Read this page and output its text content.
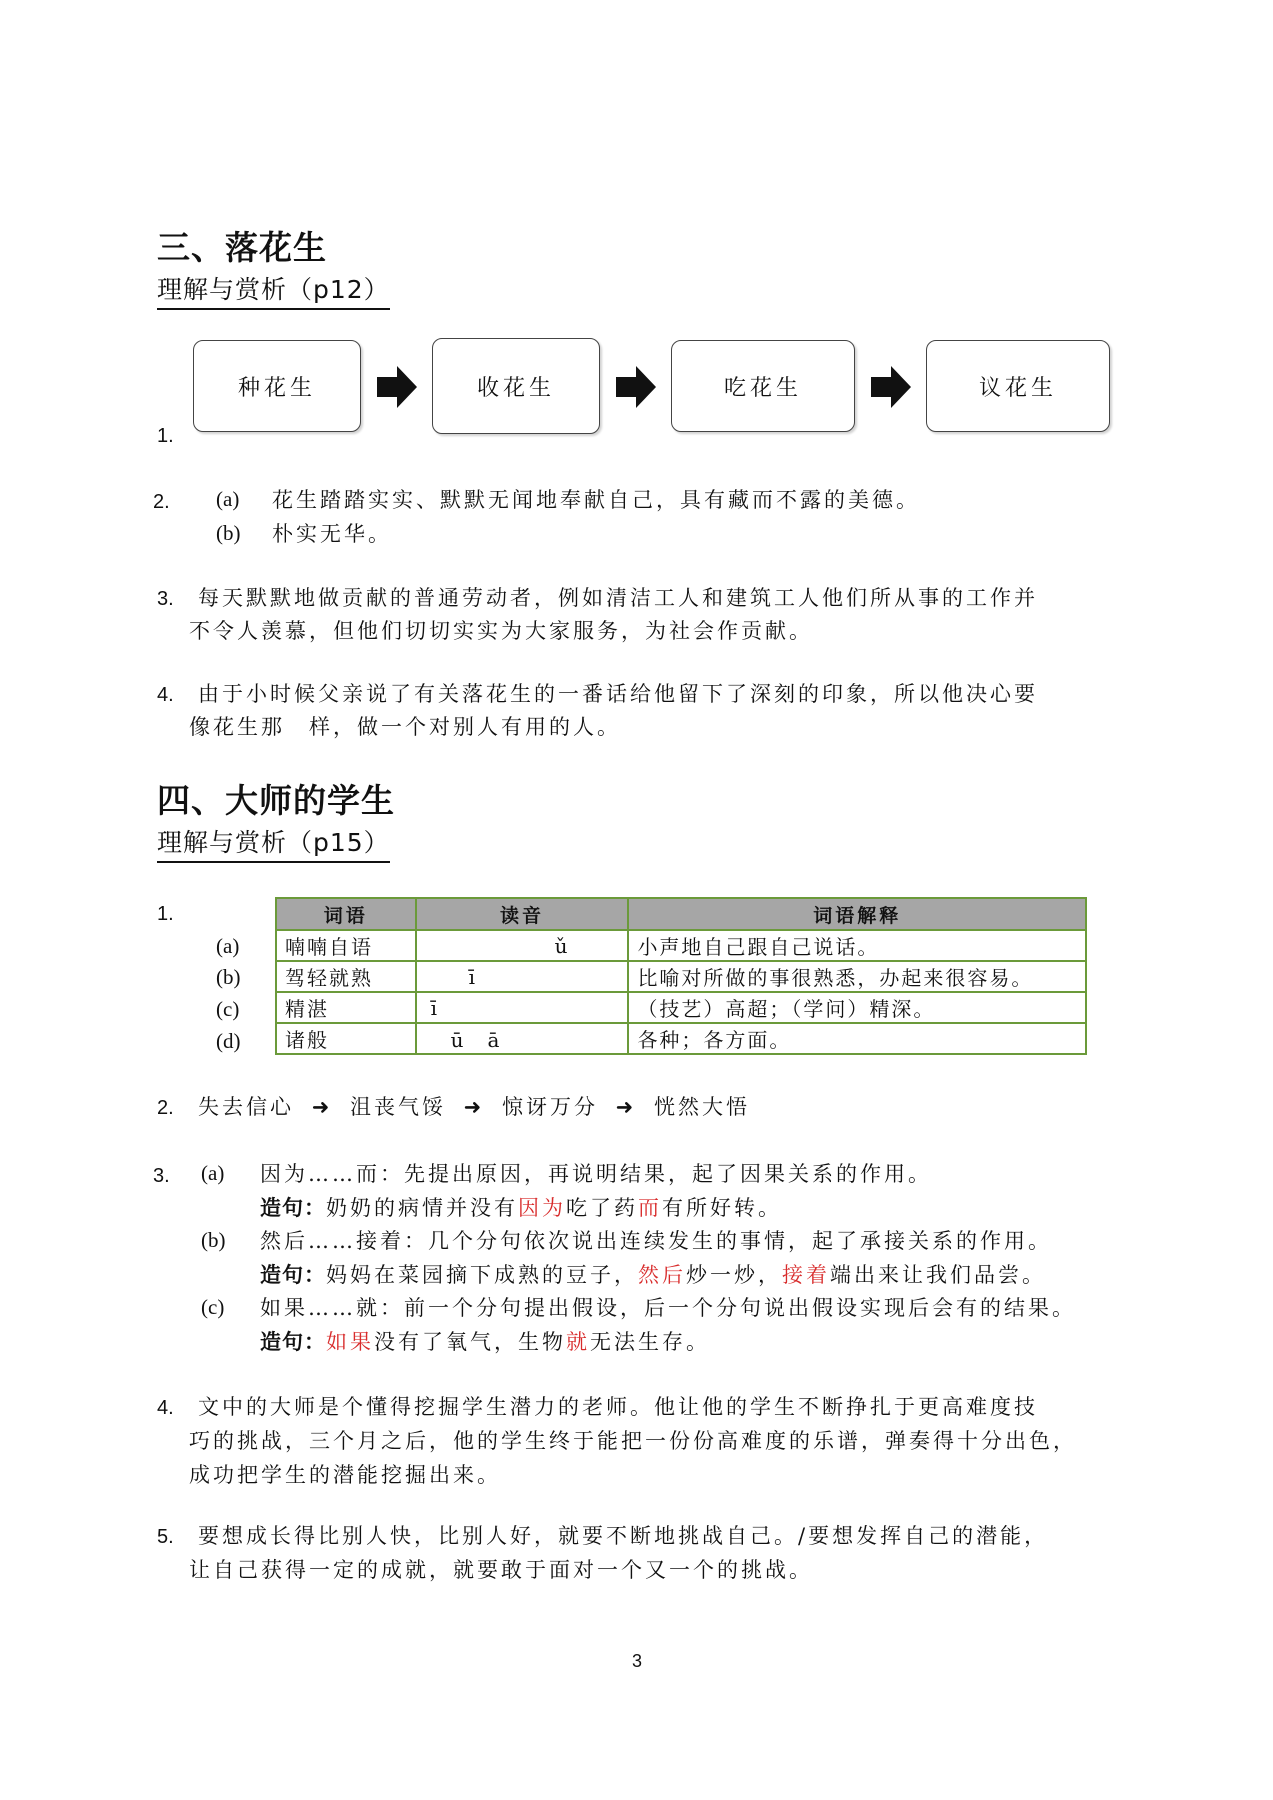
三、落花生
理解与赏析（p12）
1.
种花生	收花生	吃花生	议花生
2. (a) 花生踏踏实实、默默无闻地奉献自己，具有藏而不露的美德。
(b) 朴实无华。
3. 每天默默地做贡献的普通劳动者，例如清洁工人和建筑工人他们所从事的工作并
不令人羡慕，但他们切切实实为大家服务，为社会作贡献。
4. 由于小时候父亲说了有关落花生的一番话给他留下了深刻的印象，所以他决心要
像花生那　样，做一个对别人有用的人。
四、大师的学生
理解与赏析（p15）
1.
(a)
(b)
(c)
(d)
词语	读音	词语解释
喃喃自语	ǔ	小声地自己跟自己说话。
驾轻就熟	ī	比喻对所做的事很熟悉，办起来很容易。
精湛	ī	（技艺）高超；（学问）精深。
诸般	ū　ā	各种；各方面。
2. 失去信心 ➜ 沮丧气馁 ➜ 惊讶万分 ➜ 恍然大悟
3. (a) 因为……而：先提出原因，再说明结果，起了因果关系的作用。
造句：奶奶的病情并没有因为吃了药而有所好转。
(b) 然后……接着：几个分句依次说出连续发生的事情，起了承接关系的作用。
造句：妈妈在菜园摘下成熟的豆子，然后炒一炒，接着端出来让我们品尝。
(c) 如果……就：前一个分句提出假设，后一个分句说出假设实现后会有的结果。
造句：如果没有了氧气，生物就无法生存。
4. 文中的大师是个懂得挖掘学生潜力的老师。他让他的学生不断挣扎于更高难度技
巧的挑战，三个月之后，他的学生终于能把一份份高难度的乐谱，弹奏得十分出色，
成功把学生的潜能挖掘出来。
5. 要想成长得比别人快，比别人好，就要不断地挑战自己。/要想发挥自己的潜能，
让自己获得一定的成就，就要敢于面对一个又一个的挑战。
3
